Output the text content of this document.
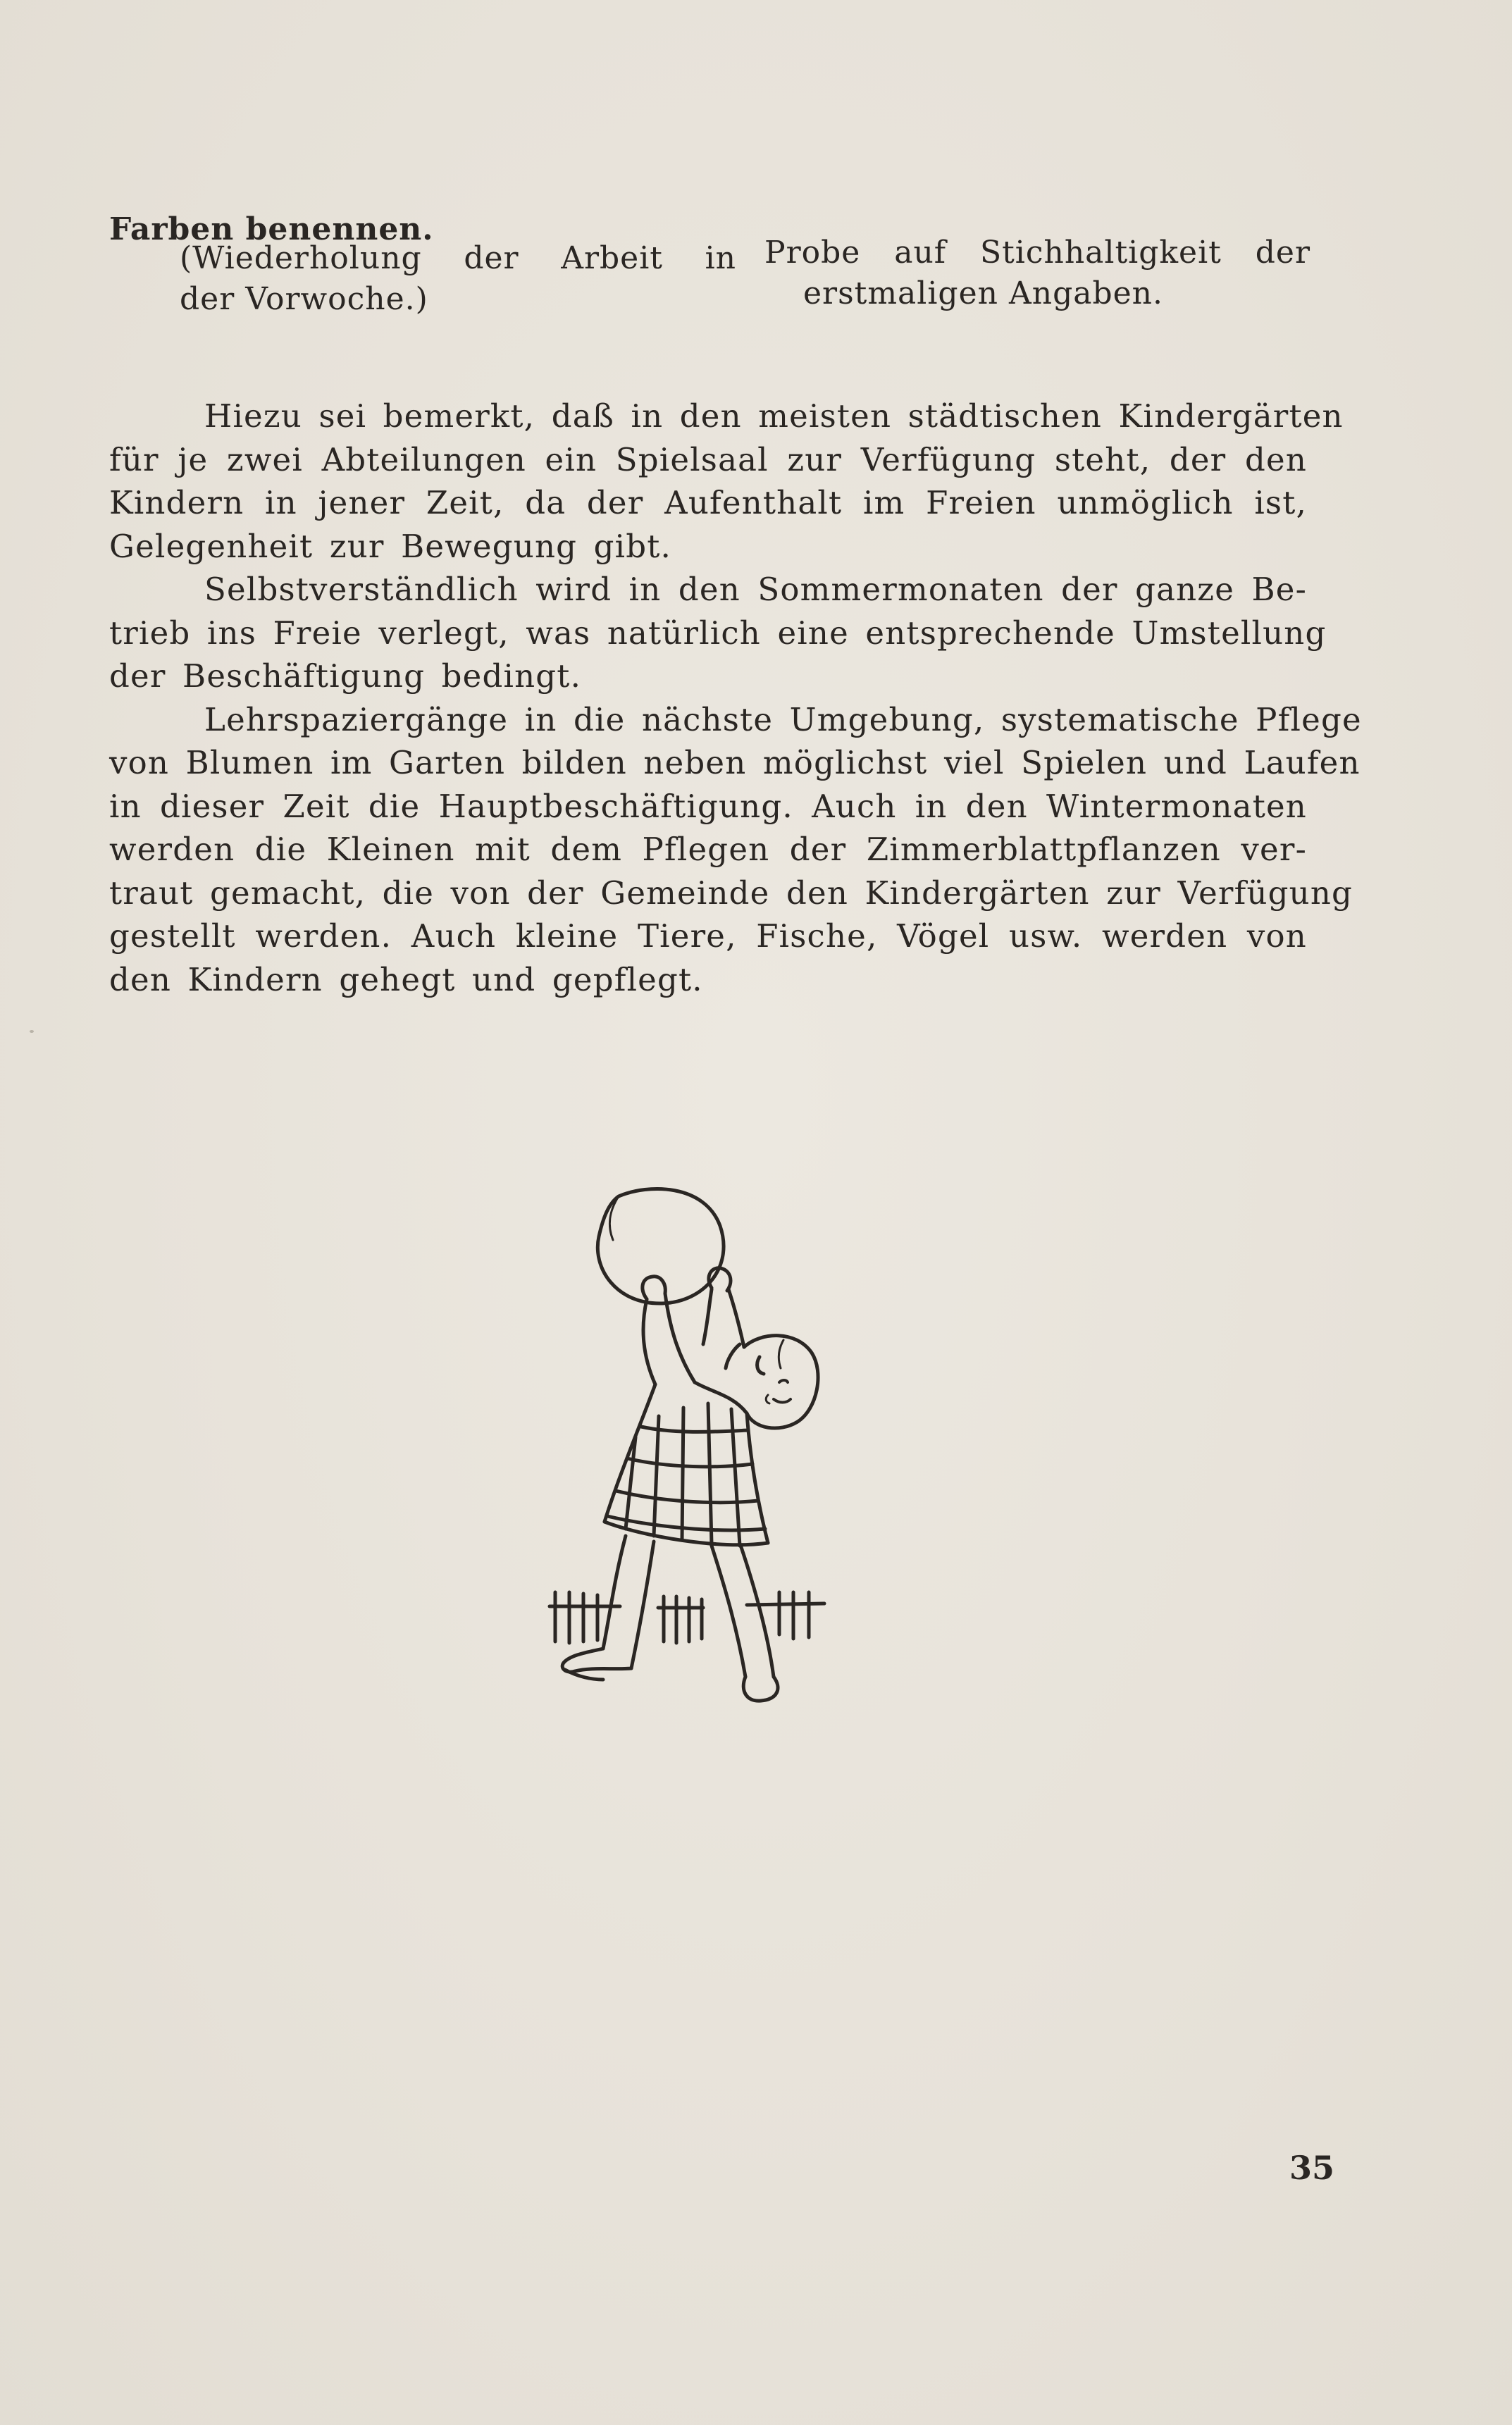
Farben benennen.
(Wiederholung der Arbeit in
der Vorwoche.)
Probe auf Stichhaltigkeit der
erstmaligen Angaben.
Hiezu sei bemerkt, daß in den meisten städtischen Kindergärten
für je zwei Abteilungen ein Spielsaal zur Verfügung steht, der den
Kindern in jener Zeit, da der Aufenthalt im Freien unmöglich ist,
Gelegenheit zur Bewegung gibt.
Selbstverständlich wird in den Sommermonaten der ganze Be-
trieb ins Freie verlegt, was natürlich eine entsprechende Umstellung
der Beschäftigung bedingt.
Lehrspaziergänge in die nächste Umgebung, systematische Pflege
von Blumen im Garten bilden neben möglichst viel Spielen und Laufen
in dieser Zeit die Hauptbeschäftigung. Auch in den Wintermonaten
werden die Kleinen mit dem Pflegen der Zimmerblattpflanzen ver-
traut gemacht, die von der Gemeinde den Kindergärten zur Verfügung
gestellt werden. Auch kleine Tiere, Fische, Vögel usw. werden von
den Kindern gehegt und gepflegt.
35
